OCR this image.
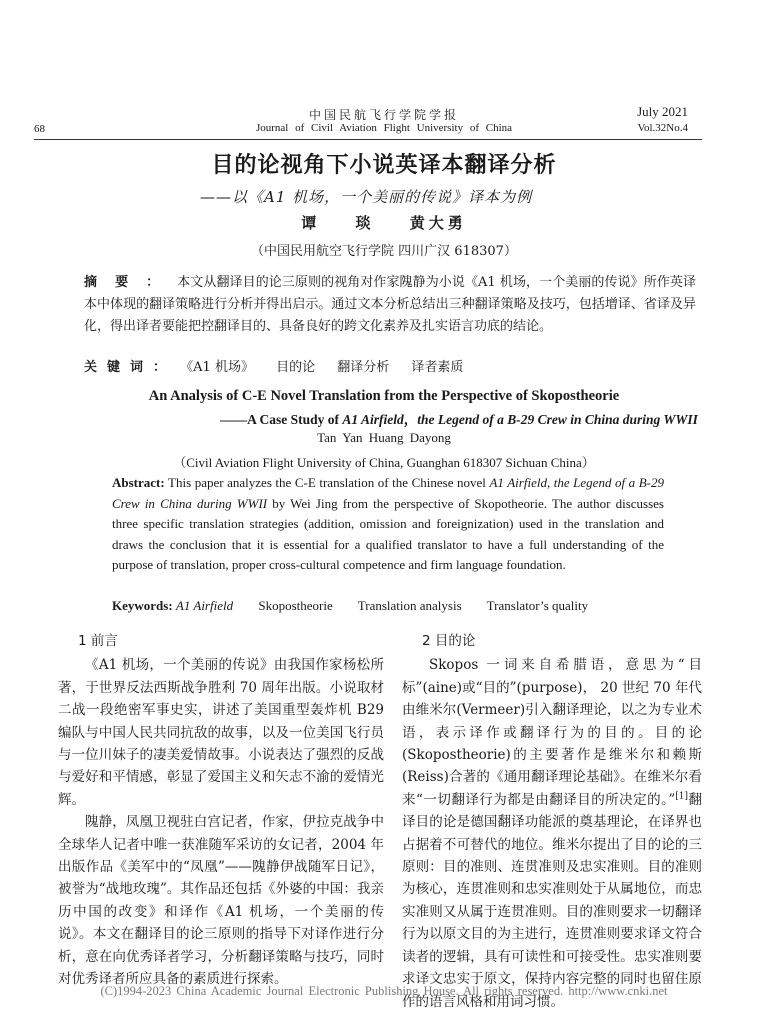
68
中国民航飞行学院学报
Journal of Civil Aviation Flight University of China
July 2021
Vol.32No.4
目的论视角下小说英译本翻译分析
——以《A1 机场，一个美丽的传说》译本为例
谭 琰 黄大勇
（中国民用航空飞行学院 四川广汉 618307）
摘要：本文从翻译目的论三原则的视角对作家隗静为小说《A1 机场，一个美丽的传说》所作英译本中体现的翻译策略进行分析并得出启示。通过文本分析总结出三种翻译策略及技巧，包括增译、省译及异化，得出译者要能把控翻译目的、具备良好的跨文化素养及扎实语言功底的结论。
关键词： 《A1 机场》 目的论 翻译分析 译者素质
An Analysis of C-E Novel Translation from the Perspective of Skopostheorie
——A Case Study of A1 Airfield，the Legend of a B-29 Crew in China during WWII
Tan Yan Huang Dayong
（Civil Aviation Flight University of China, Guanghan 618307 Sichuan China）
Abstract: This paper analyzes the C-E translation of the Chinese novel A1 Airfield, the Legend of a B-29 Crew in China during WWII by Wei Jing from the perspective of Skopotheorie. The author discusses three specific translation strategies (addition, omission and foreignization) used in the translation and draws the conclusion that it is essential for a qualified translator to have a full understanding of the purpose of translation, proper cross-cultural competence and firm language foundation.
Keywords: A1 Airfield Skopostheorie Translation analysis Translator’s quality
1 前言

《A1 机场，一个美丽的传说》由我国作家杨松所著，于世界反法西斯战争胜利 70 周年出版。小说取材二战一段绝密军事史实，讲述了美国重型轰炸机 B29 编队与中国人民共同抗敌的故事，以及一位美国飞行员与一位川妹子的凄美爱情故事。小说表达了强烈的反战与爱好和平情感，彰显了爱国主义和矢志不渝的爱情光辉。

隗静，凤凰卫视驻白宫记者，作家，伊拉克战争中全球华人记者中唯一获准随军采访的女记者，2004 年出版作品《美军中的“凤凰”——隗静伊战随军日记》，被誉为“战地玫瑰”。其作品还包括《外婆的中国：我亲历中国的改变》和译作《A1 机场，一个美丽的传说》。本文在翻译目的论三原则的指导下对译作进行分析，意在向优秀译者学习，分析翻译策略与技巧，同时对优秀译者所应具备的素质进行探索。

2 目的论

Skopos 一词来自希腊语，意思为“目标”(aine)或“目的”(purpose)， 20 世纪 70 年代由维米尔(Vermeer)引入翻译理论，以之为专业术语，表示译作或翻译行为的目的。目的论(Skopostheorie)的主要著作是维米尔和赖斯(Reiss)合著的《通用翻译理论基础》。在维米尔看来“一切翻译行为都是由翻译目的所决定的。”[1]翻译目的论是德国翻译功能派的奠基理论，在译界也占据着不可替代的地位。维米尔提出了目的论的三原则：目的准则、连贯准则及忠实准则。目的准则为核心，连贯准则和忠实准则处于从属地位，而忠实准则又从属于连贯准则。目的准则要求一切翻译行为以原文目的为主进行，连贯准则要求译文符合读者的逻辑，具有可读性和可接受性。忠实准则要求译文忠实于原文，保持内容完整的同时也留住原作的语言风格和用词习惯。

(C)1994-2023 China Academic Journal Electronic Publishing House. All rights reserved. http://www.cnki.net
